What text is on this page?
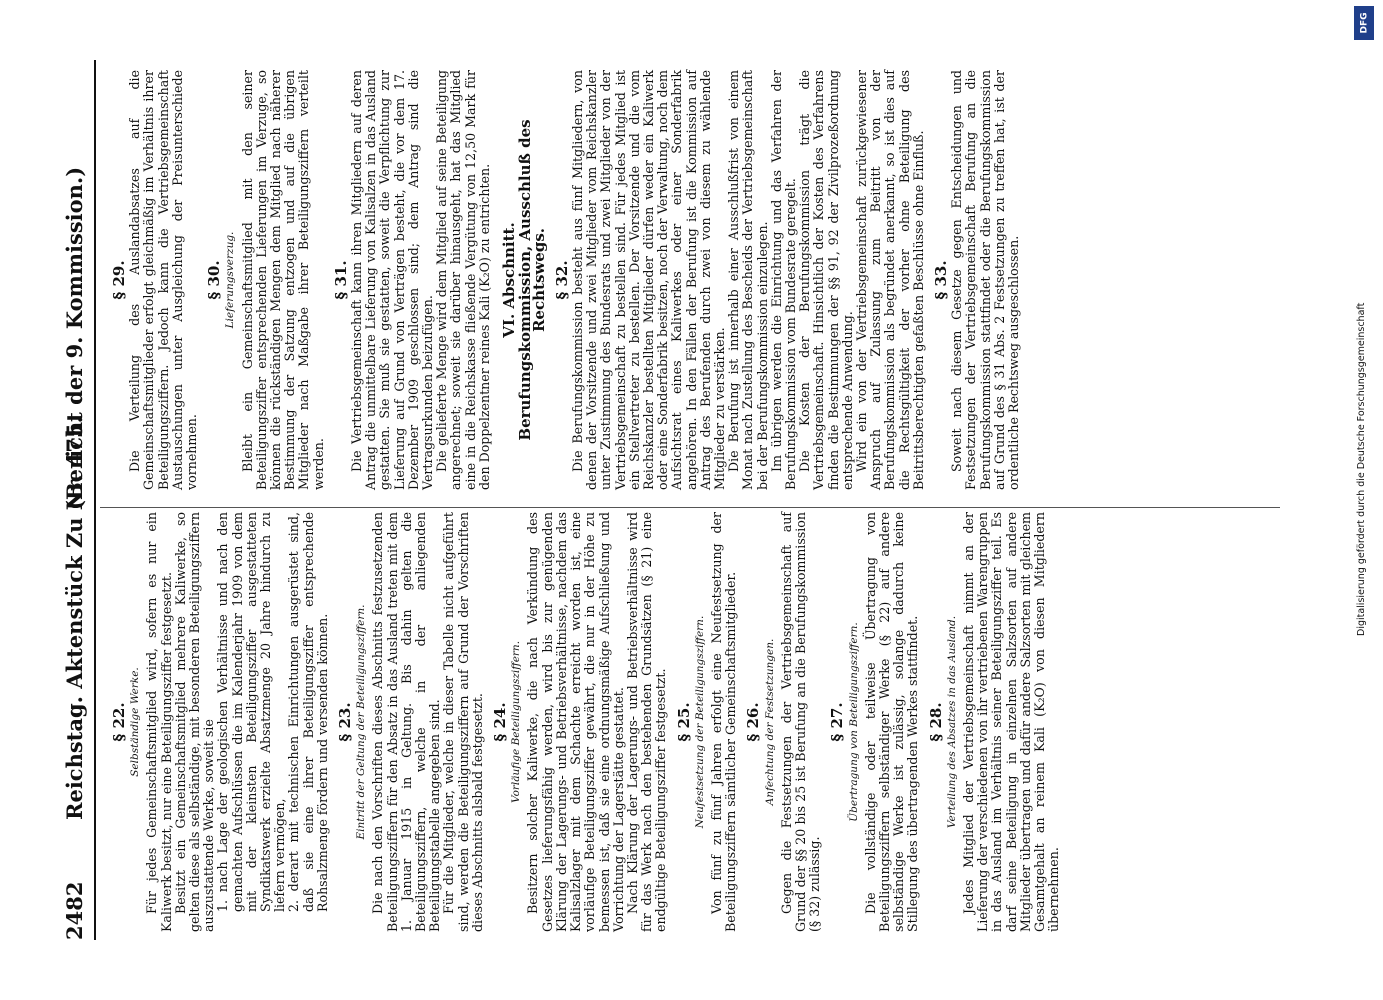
2482
Reichstag. Aktenstück Zu Nr. 475.
(Bericht der 9. Kommission.)
§ 22. Selbständige Werke. Für jedes Gemeinschaftsmitglied wird, sofern es nur ein Kaliwerk besitzt, nur eine Beteiligungsziffer festgesetzt. Besitzt ein Gemeinschaftsmitglied mehrere Kaliwerke, so gelten diese als selbständige, mit besonderen Beteiligungsziffern auszustattende Werke, soweit sie 1. nach Lage der geologischen Verhältnisse und nach den gemachten Aufschlüssen die im Kalenderjahr 1909 von dem mit der kleinsten Beteiligungsziffer ausgestatteten Syndikatswerk erzielte Absatzmenge 20 Jahre hindurch zu liefern vermögen, 2. derart mit technischen Einrichtungen ausgerüstet sind, daß sie eine ihrer Beteiligungsziffer entsprechende Rohsalzmenge fördern und versenden können. § 23. Eintritt der Geltung der Beteiligungsziffern. Die nach den Vorschriften dieses Abschnitts festzusetzenden Beteiligungsziffern für den Absatz in das Ausland treten mit dem 1. Januar 1915 in Geltung. Bis dahin gelten die Beteiligungsziffern, welche in der anliegenden Beteiligungstabelle angegeben sind. Für die Mitglieder, welche in dieser Tabelle nicht aufgeführt sind, werden die Beteiligungsziffern auf Grund der Vorschriften dieses Abschnitts alsbald festgesetzt. § 24. Vorläufige Beteiligungsziffern. Besitzern solcher Kaliwerke, die nach Verkündung des Gesetzes lieferungsfähig werden, wird bis zur genügenden Klärung der Lagerungs- und Betriebsverhältnisse, nachdem das Kalisalzlager mit dem Schachte erreicht worden ist, eine vorläufige Beteiligungsziffer gewährt, die nur in der Höhe zu bemessen ist, daß sie eine ordnungsmäßige Aufschließung und Vorrichtung der Lagerstätte gestattet. Nach Klärung der Lagerungs- und Betriebsverhältnisse wird für das Werk nach den bestehenden Grundsätzen (§ 21) eine endgültige Beteiligungsziffer festgesetzt. § 25. Neufestsetzung der Beteiligungsziffern. Von fünf zu fünf Jahren erfolgt eine Neufestsetzung der Beteiligungsziffern sämtlicher Gemeinschaftsmitglieder. § 26. Anfechtung der Festsetzungen. Gegen die Festsetzungen der Vertriebsgemeinschaft auf Grund der §§ 20 bis 25 ist Berufung an die Berufungskommission (§ 32) zulässig.

§ 27. Übertragung von Beteiligungsziffern. Die vollständige oder teilweise Übertragung von Beteiligungsziffern selbständiger Werke (§ 22) auf andere selbständige Werke ist zulässig, solange dadurch keine Stillegung des übertragenden Werkes stattfindet. § 28. Verteilung des Absatzes in das Ausland. Jedes Mitglied der Vertriebsgemeinschaft nimmt an der Lieferung der verschiedenen von ihr vertriebenen Warengruppen in das Ausland im Verhältnis seiner Beteiligungsziffer teil. Es darf seine Beteiligung in einzelnen Salzsorten auf andere Mitglieder übertragen und dafür andere Salzsorten mit gleichem Gesamtgehalt an reinem Kali (K₂O) von diesen Mitgliedern übernehmen.

§ 29. Die Verteilung des Auslandabsatzes auf die Gemeinschaftsmitglieder erfolgt gleichmäßig im Verhältnis ihrer Beteiligungsziffern. Jedoch kann die Vertriebsgemeinschaft Austauschungen unter Ausgleichung der Preisunterschiede vornehmen.

§ 30. Lieferungsverzug. Bleibt ein Gemeinschaftsmitglied mit den seiner Beteiligungsziffer entsprechenden Lieferungen im Verzuge, so können die rückständigen Mengen dem Mitglied nach näherer Bestimmung der Satzung entzogen und auf die übrigen Mitglieder nach Maßgabe ihrer Beteiligungsziffern verteilt werden.

§ 31. Die Vertriebsgemeinschaft kann ihren Mitgliedern auf deren Antrag die unmittelbare Lieferung von Kalisalzen in das Ausland gestatten. Sie muß sie gestatten, soweit die Verpflichtung zur Lieferung auf Grund von Verträgen besteht, die vor dem 17. Dezember 1909 geschlossen sind; dem Antrag sind die Vertragsurkunden beizufügen. Die gelieferte Menge wird dem Mitglied auf seine Beteiligung angerechnet; soweit sie darüber hinausgeht, hat das Mitglied eine in die Reichskasse fließende Vergütung von 12,50 Mark für den Doppelzentner reines Kali (K₂O) zu entrichten. VI. Abschnitt.
Berufungskommission, Ausschluß des Rechtswegs. § 32. Die Berufungskommission besteht aus fünf Mitgliedern, von denen der Vorsitzende und zwei Mitglieder vom Reichskanzler unter Zustimmung des Bundesrats und zwei Mitglieder von der Vertriebsgemeinschaft zu bestellen sind. Für jedes Mitglied ist ein Stellvertreter zu bestellen. Der Vorsitzende und die vom Reichskanzler bestellten Mitglieder dürfen weder ein Kaliwerk oder eine Sonderfabrik besitzen, noch der Verwaltung, noch dem Aufsichtsrat eines Kaliwerkes oder einer Sonderfabrik angehören. In den Fällen der Berufung ist die Kommission auf Antrag des Berufenden durch zwei von diesem zu wählende Mitglieder zu verstärken. Die Berufung ist innerhalb einer Ausschlußfrist von einem Monat nach Zustellung des Bescheids der Vertriebsgemeinschaft bei der Berufungskommission einzulegen. Im übrigen werden die Einrichtung und das Verfahren der Berufungskommission vom Bundesrate geregelt. Die Kosten der Berufungskommission trägt die Vertriebsgemeinschaft. Hinsichtlich der Kosten des Verfahrens finden die Bestimmungen der §§ 91, 92 der Zivilprozeßordnung entsprechende Anwendung. Wird ein von der Vertriebsgemeinschaft zurückgewiesener Anspruch auf Zulassung zum Beitritt von der Berufungskommission als begründet anerkannt, so ist dies auf die Rechtsgültigkeit der vorher ohne Beteiligung des Beitrittsberechtigten gefaßten Beschlüsse ohne Einfluß. § 33. Soweit nach diesem Gesetze gegen Entscheidungen und Festsetzungen der Vertriebsgemeinschaft Berufung an die Berufungskommission stattfindet oder die Berufungskommission auf Grund des § 31 Abs. 2 Festsetzungen zu treffen hat, ist der ordentliche Rechtsweg ausgeschlossen.

DFG
Digitalisierung gefördert durch die Deutsche Forschungsgemeinschaft
